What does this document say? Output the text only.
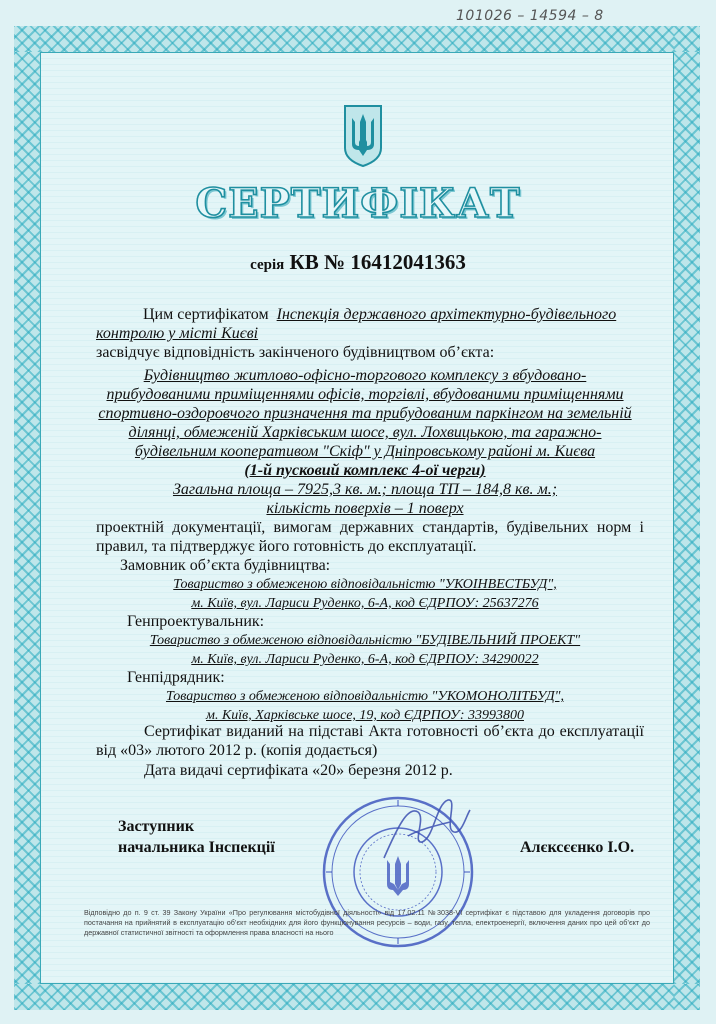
101026 – 14594 – 8
СЕРТИФІКАТ
серія КВ № 16412041363
Цим сертифікатом Інспекція державного архітектурно-будівельного
контролю у місті Києві
засвідчує відповідність закінченого будівництвом об’єкта:
Будівництво житлово-офісно-торгового комплексу з вбудовано-
прибудованими приміщеннями офісів, торгівлі, вбудованими приміщеннями
спортивно-оздоровчого призначення та прибудованим паркінгом на земельній
ділянці, обмеженій Харківським шосе, вул. Лохвицькою, та гаражно-
будівельним кооперативом "Скіф" у Дніпровському районі м. Києва
(1-й пусковий комплекс 4-ої черги)
Загальна площа – 7925,3 кв. м.; площа ТП – 184,8 кв. м.;
кількість поверхів – 1 поверх
проектній документації, вимогам державних стандартів, будівельних норм і правил, та підтверджує його готовність до експлуатації.
Замовник об’єкта будівництва:
Товариство з обмеженою відповідальністю "УКОІНВЕСТБУД",
м. Київ, вул. Лариси Руденко, 6-А, код ЄДРПОУ: 25637276
Генпроектувальник:
Товариство з обмеженою відповідальністю "БУДІВЕЛЬНИЙ ПРОЕКТ"
м. Київ, вул. Лариси Руденко, 6-А, код ЄДРПОУ: 34290022
Генпідрядник:
Товариство з обмеженою відповідальністю "УКОМОНОЛІТБУД",
м. Київ, Харківське шосе, 19, код ЄДРПОУ: 33993800
Сертифікат виданий на підставі Акта готовності об’єкта до експлуатації від «03» лютого 2012 р. (копія додається)
Дата видачі сертифіката «20» березня 2012 р.
Заступник
начальника Інспекції	Алєксєєнко І.О.
Відповідно до п. 9 ст. 39 Закону України «Про регулювання містобудівної діяльності» від 17.02.11 №3038-VI сертифікат є підставою для укладення договорів про постачання на прийнятий в експлуатацію об’єкт необхідних для його функціонування ресурсів – води, газу, тепла, електроенергії, включення даних про цей об’єкт до державної статистичної звітності та оформлення права власності на нього
